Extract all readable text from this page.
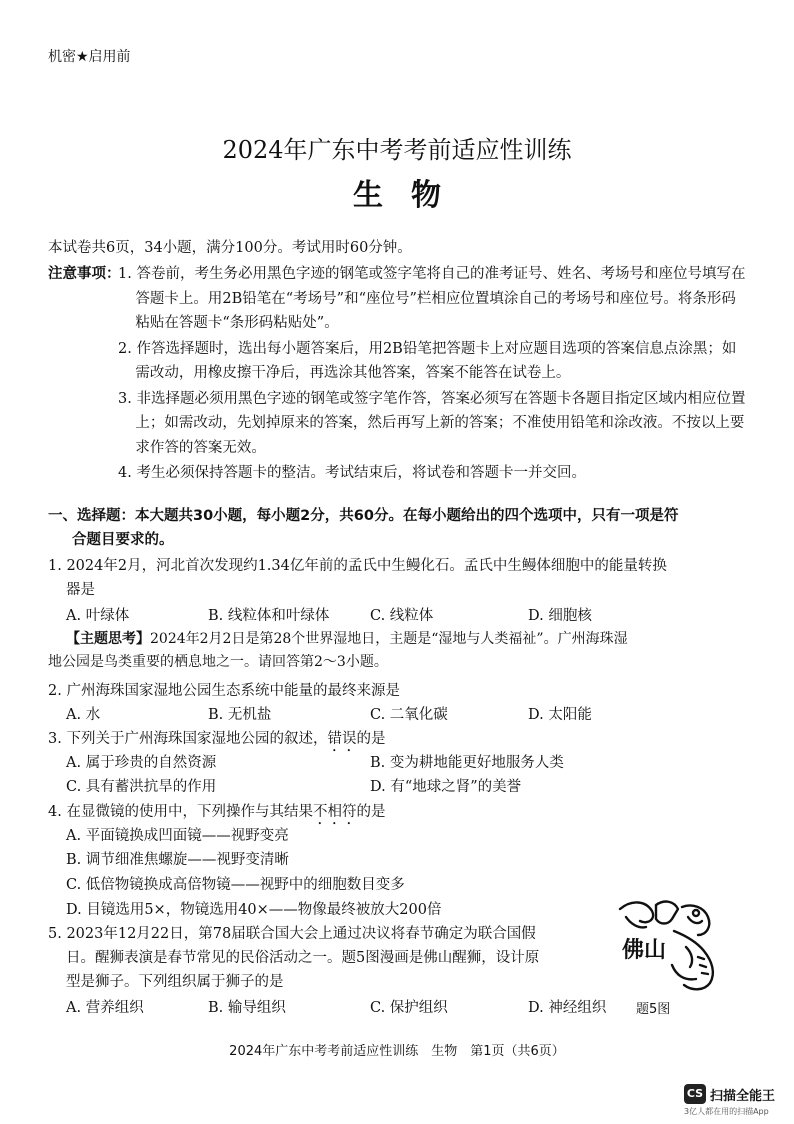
机密★启用前
2024年广东中考考前适应性训练
生物
本试卷共6页，34小题，满分100分。考试用时60分钟。
注意事项：

1. 答卷前，考生务必用黑色字迹的钢笔或签字笔将自己的准考证号、姓名、考场号和座位号填写在答题卡上。用2B铅笔在“考场号”和“座位号”栏相应位置填涂自己的考场号和座位号。将条形码粘贴在答题卡“条形码粘贴处”。

2. 作答选择题时，选出每小题答案后，用2B铅笔把答题卡上对应题目选项的答案信息点涂黑；如需改动，用橡皮擦干净后，再选涂其他答案，答案不能答在试卷上。

3. 非选择题必须用黑色字迹的钢笔或签字笔作答，答案必须写在答题卡各题目指定区域内相应位置上；如需改动，先划掉原来的答案，然后再写上新的答案；不准使用铅笔和涂改液。不按以上要求作答的答案无效。

4. 考生必须保持答题卡的整洁。考试结束后，将试卷和答题卡一并交回。

一、选择题：本大题共30小题，每小题2分，共60分。在每小题给出的四个选项中，只有一项是符
合题目要求的。
1. 2024年2月，河北首次发现约1.34亿年前的孟氏中生鳗化石。孟氏中生鳗体细胞中的能量转换
器是
A. 叶绿体	B. 线粒体和叶绿体	C. 线粒体	D. 细胞核
【主题思考】2024年2月2日是第28个世界湿地日，主题是“湿地与人类福祉”。广州海珠湿
地公园是鸟类重要的栖息地之一。请回答第2～3小题。
2. 广州海珠国家湿地公园生态系统中能量的最终来源是
A. 水	B. 无机盐	C. 二氧化碳	D. 太阳能
3. 下列关于广州海珠国家湿地公园的叙述，错误的是
A. 属于珍贵的自然资源	B. 变为耕地能更好地服务人类
C. 具有蓄洪抗旱的作用	D. 有“地球之肾”的美誉
4. 在显微镜的使用中，下列操作与其结果不相符的是
A. 平面镜换成凹面镜——视野变亮
B. 调节细准焦螺旋——视野变清晰
C. 低倍物镜换成高倍物镜——视野中的细胞数目变多
D. 目镜选用5×，物镜选用40×——物像最终被放大200倍
5. 2023年12月22日，第78届联合国大会上通过决议将春节确定为联合国假
日。醒狮表演是春节常见的民俗活动之一。题5图漫画是佛山醒狮，设计原
型是狮子。下列组织属于狮子的是
A. 营养组织	B. 输导组织	C. 保护组织	D. 神经组织
佛山
题5图
2024年广东中考考前适应性训练　生物　第1页（共6页）
CS 扫描全能王
3亿人都在用的扫描App
